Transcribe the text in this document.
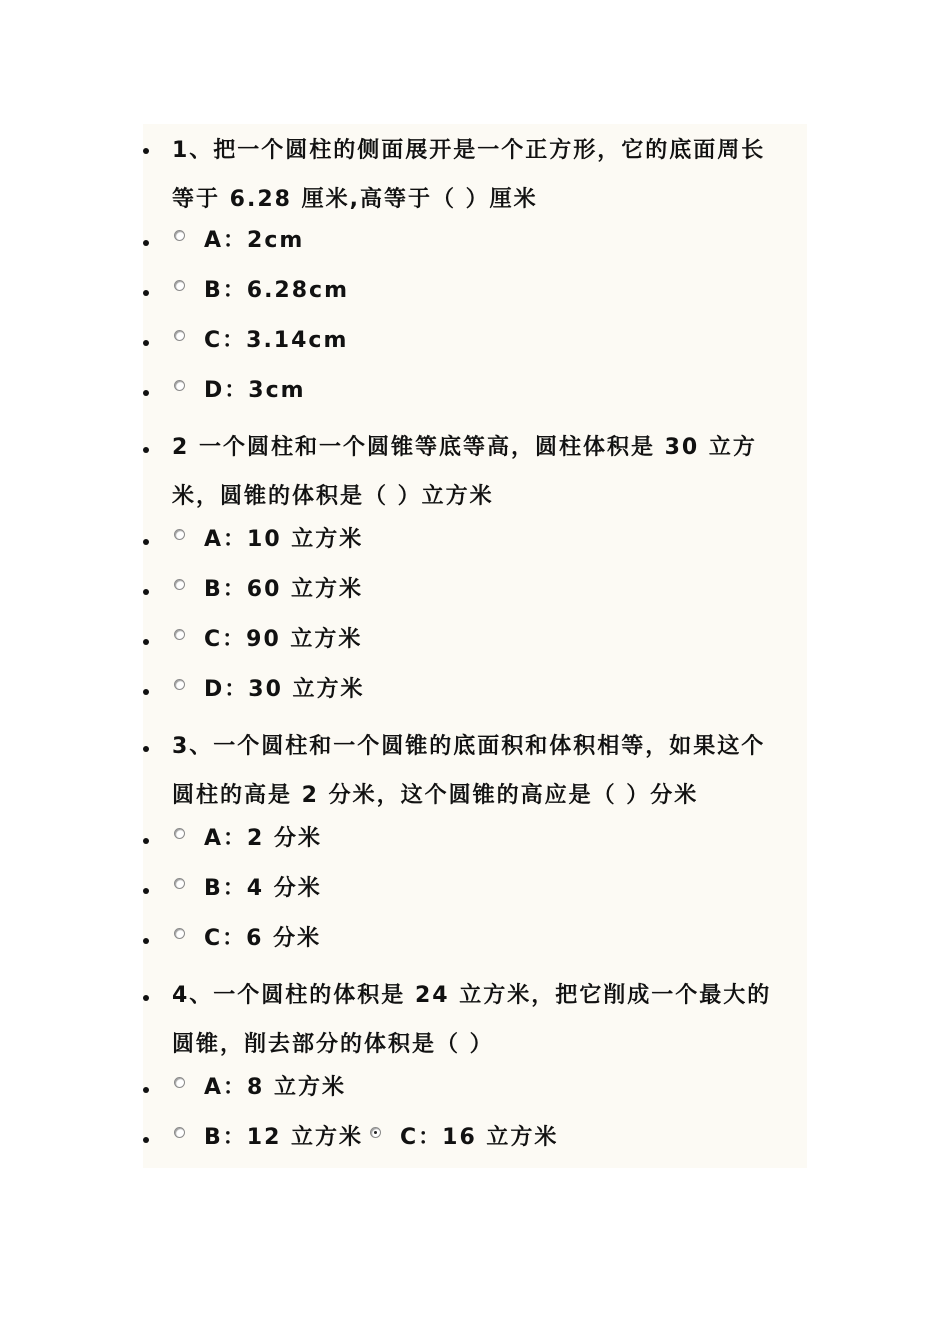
1、把一个圆柱的侧面展开是一个正方形，它的底面周长
等于 6.28 厘米,高等于（ ）厘米
A：2cm
B：6.28cm
C：3.14cm
D：3cm
2 一个圆柱和一个圆锥等底等高，圆柱体积是 30 立方
米，圆锥的体积是（ ）立方米
A：10 立方米
B：60 立方米
C：90 立方米
D：30 立方米
3、一个圆柱和一个圆锥的底面积和体积相等，如果这个
圆柱的高是 2 分米，这个圆锥的高应是（ ）分米
A：2 分米
B：4 分米
C：6 分米
4、一个圆柱的体积是 24 立方米，把它削成一个最大的
圆锥，削去部分的体积是（ ）
A：8 立方米
B：12 立方米 C：16 立方米
